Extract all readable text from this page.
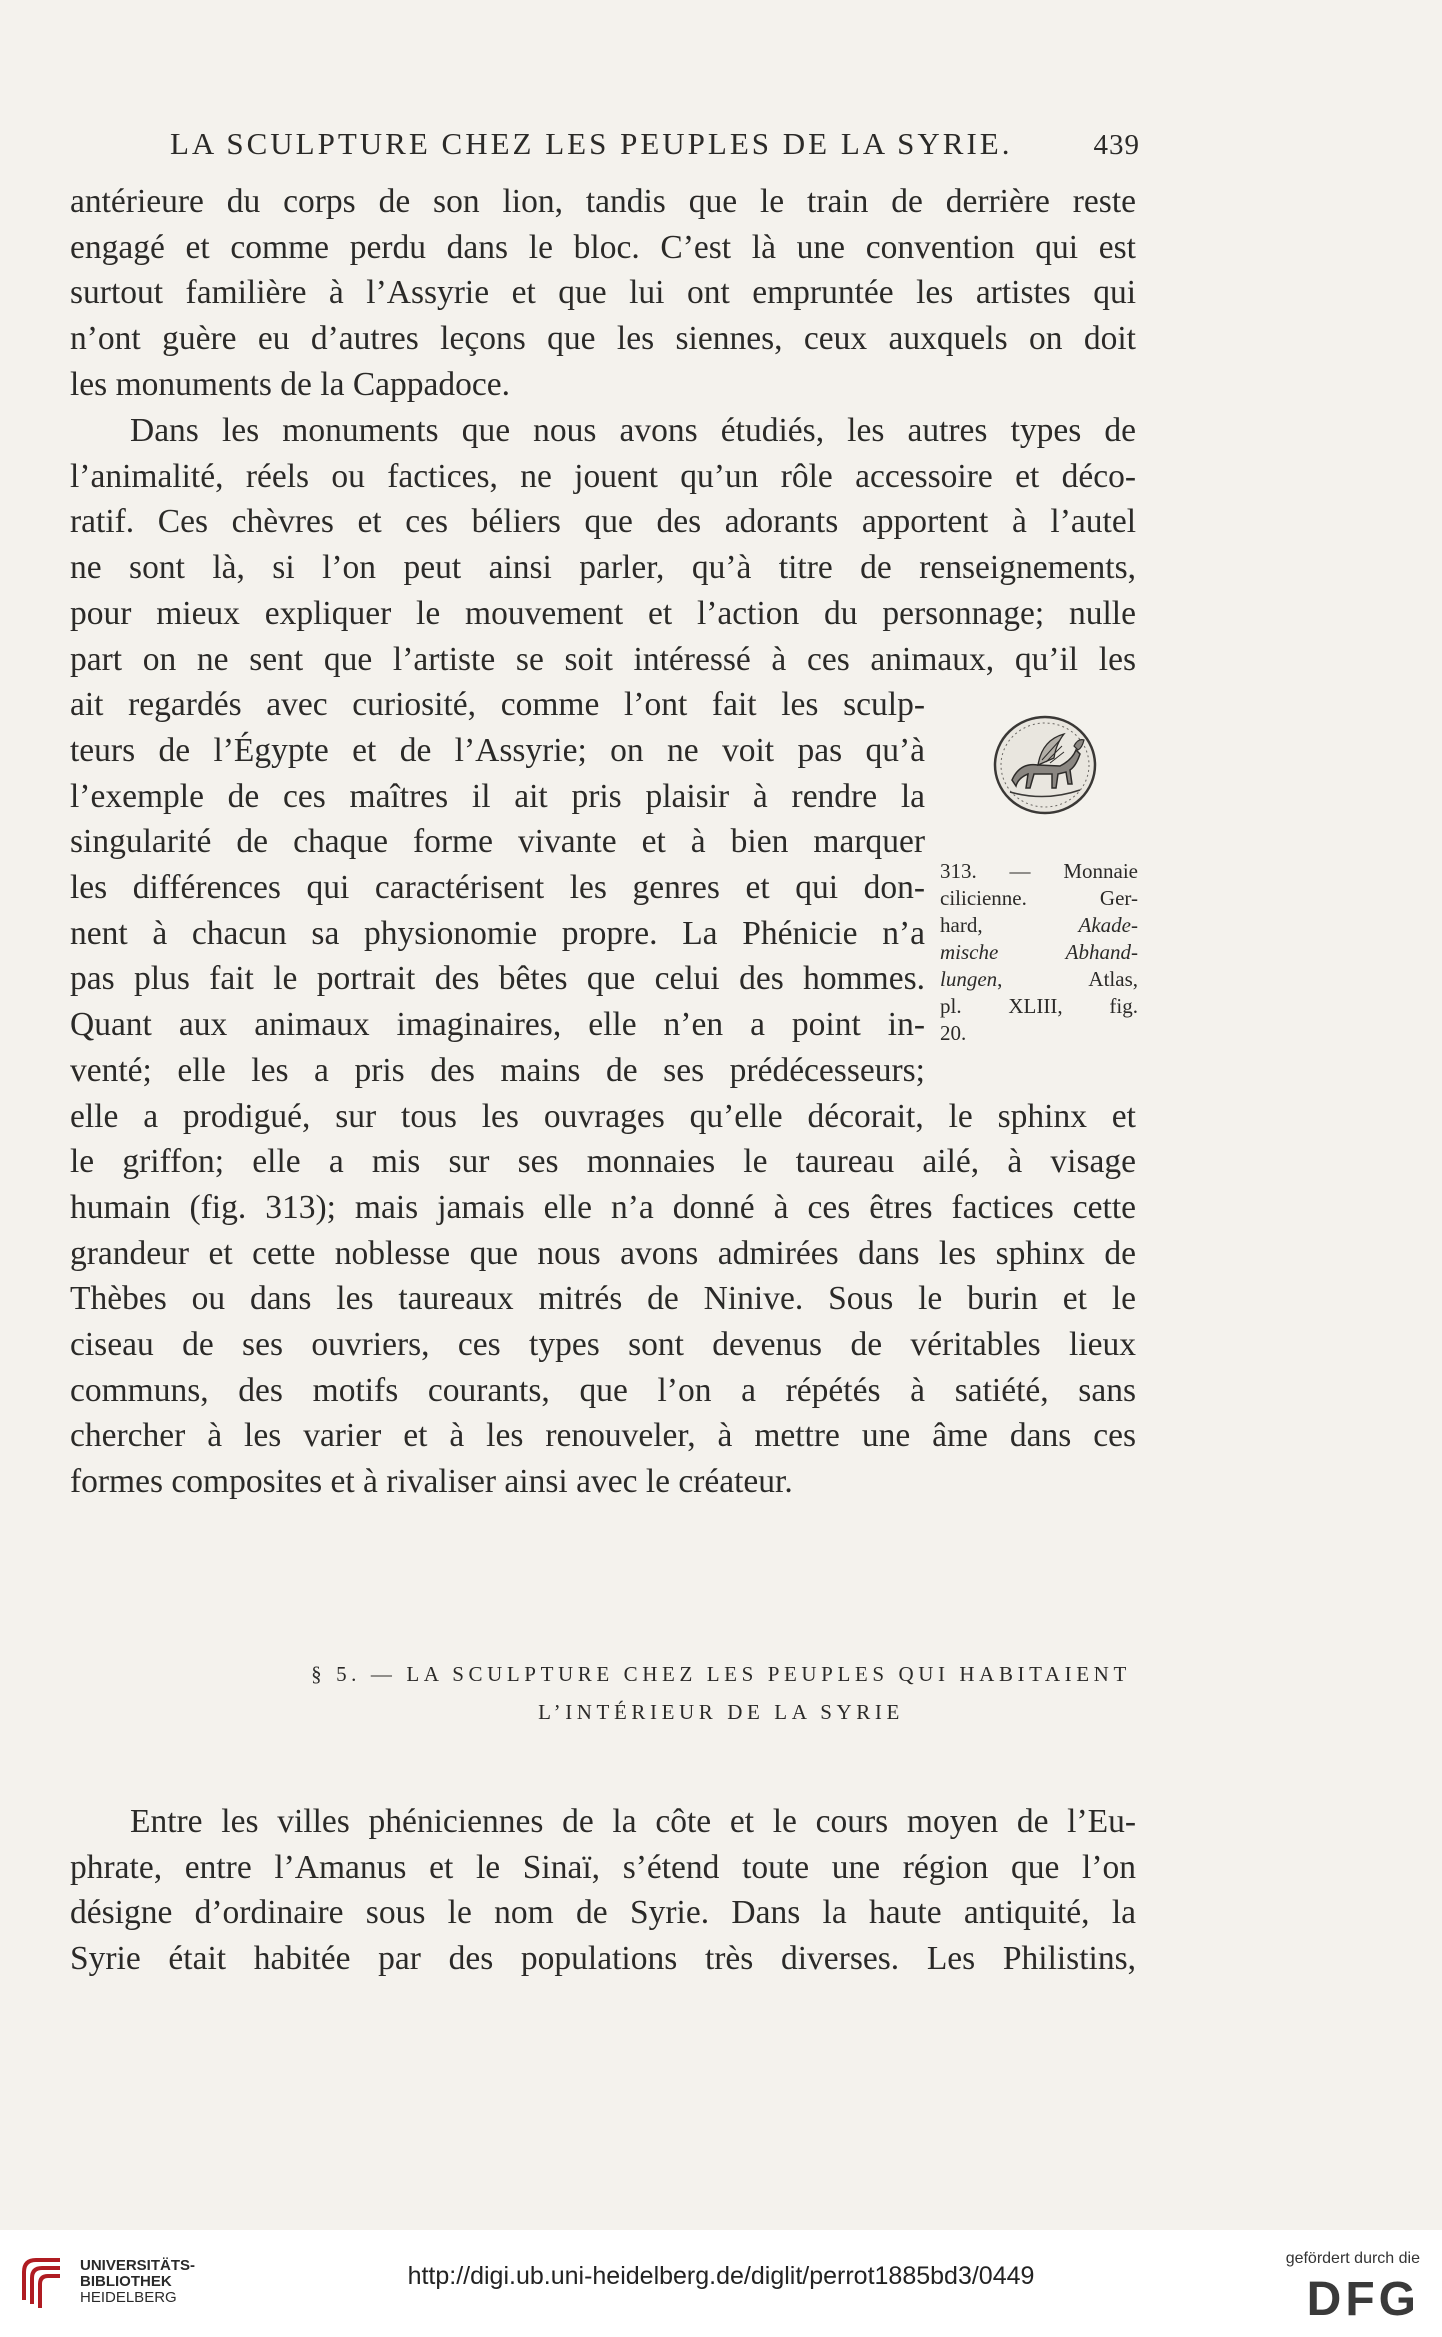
LA SCULPTURE CHEZ LES PEUPLES DE LA SYRIE.	439
antérieure du corps de son lion, tandis que le train de derrière reste
engagé et comme perdu dans le bloc. C’est là une convention qui est
surtout familière à l’Assyrie et que lui ont empruntée les artistes qui
n’ont guère eu d’autres leçons que les siennes, ceux auxquels on doit
les monuments de la Cappadoce.
Dans les monuments que nous avons étudiés, les autres types de
l’animalité, réels ou factices, ne jouent qu’un rôle accessoire et déco-
ratif. Ces chèvres et ces béliers que des adorants apportent à l’autel
ne sont là, si l’on peut ainsi parler, qu’à titre de renseignements,
pour mieux expliquer le mouvement et l’action du personnage; nulle
part on ne sent que l’artiste se soit intéressé à ces animaux, qu’il les
ait regardés avec curiosité, comme l’ont fait les sculp-
teurs de l’Égypte et de l’Assyrie; on ne voit pas qu’à
l’exemple de ces maîtres il ait pris plaisir à rendre la
singularité de chaque forme vivante et à bien marquer
les différences qui caractérisent les genres et qui don-
nent à chacun sa physionomie propre. La Phénicie n’a
pas plus fait le portrait des bêtes que celui des hommes.
Quant aux animaux imaginaires, elle n’en a point in-
venté; elle les a pris des mains de ses prédécesseurs;
elle a prodigué, sur tous les ouvrages qu’elle décorait, le sphinx et
le griffon; elle a mis sur ses monnaies le taureau ailé, à visage
humain (fig. 313); mais jamais elle n’a donné à ces êtres factices cette
grandeur et cette noblesse que nous avons admirées dans les sphinx de
Thèbes ou dans les taureaux mitrés de Ninive. Sous le burin et le
ciseau de ses ouvriers, ces types sont devenus de véritables lieux
communs, des motifs courants, que l’on a répétés à satiété, sans
chercher à les varier et à les renouveler, à mettre une âme dans ces
formes composites et à rivaliser ainsi avec le créateur.
313. — Monnaie
cilicienne. Ger-
hard,	Akade-
mische Abhand-
lungen, Atlas,
pl. XLIII, fig.
20.
§ 5. — LA SCULPTURE CHEZ LES PEUPLES QUI HABITAIENT
L’INTÉRIEUR DE LA SYRIE
Entre les villes phéniciennes de la côte et le cours moyen de l’Eu-
phrate, entre l’Amanus et le Sinaï, s’étend toute une région que l’on
désigne d’ordinaire sous le nom de Syrie. Dans la haute antiquité, la
Syrie était habitée par des populations très diverses. Les Philistins,
UNIVERSITÄTS-
BIBLIOTHEK
HEIDELBERG
http://digi.ub.uni-heidelberg.de/diglit/perrot1885bd3/0449
gefördert durch die
DFG
